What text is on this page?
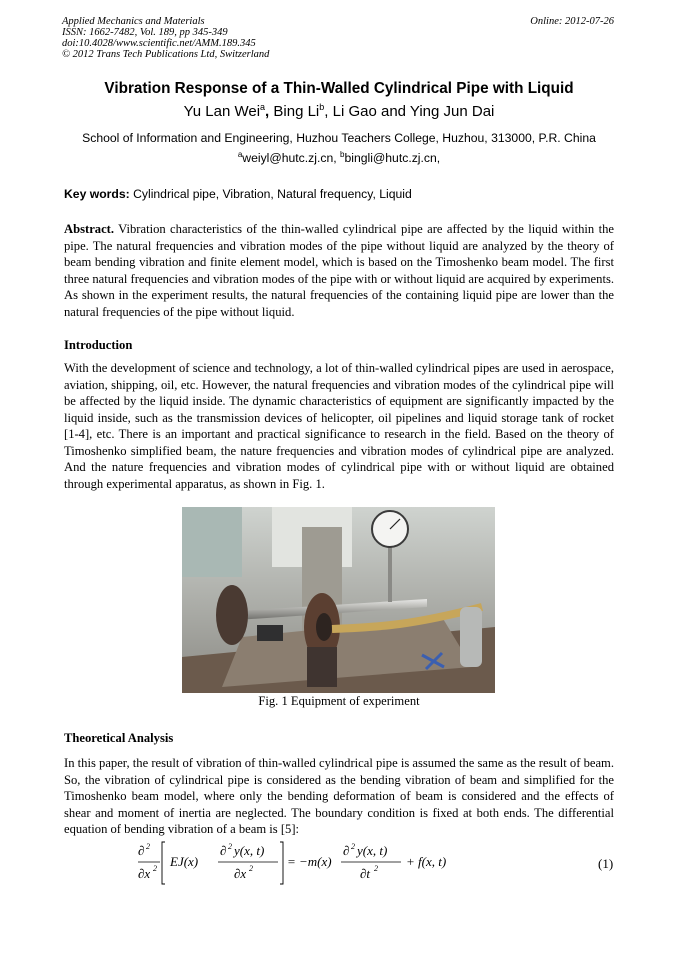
Applied Mechanics and Materials
ISSN: 1662-7482, Vol. 189, pp 345-349
doi:10.4028/www.scientific.net/AMM.189.345
© 2012 Trans Tech Publications Ltd, Switzerland
Online: 2012-07-26
Vibration Response of a Thin-Walled Cylindrical Pipe with Liquid
Yu Lan Wei$^a$, Bing Li$^b$, Li Gao and Ying Jun Dai
School of Information and Engineering, Huzhou Teachers College, Huzhou, 313000, P.R. China
$^a$weiyl@hutc.zj.cn, $^b$bingli@hutc.zj.cn,
Key words: Cylindrical pipe, Vibration, Natural frequency, Liquid
Abstract. Vibration characteristics of the thin-walled cylindrical pipe are affected by the liquid within the pipe. The natural frequencies and vibration modes of the pipe without liquid are analyzed by the theory of beam bending vibration and finite element model, which is based on the Timoshenko beam model. The first three natural frequencies and vibration modes of the pipe with or without liquid are acquired by experiments. As shown in the experiment results, the natural frequencies of the containing liquid pipe are lower than the natural frequencies of the pipe without liquid.
Introduction
With the development of science and technology, a lot of thin-walled cylindrical pipes are used in aerospace, aviation, shipping, oil, etc. However, the natural frequencies and vibration modes of the cylindrical pipe will be affected by the liquid inside. The dynamic characteristics of equipment are significantly impacted by the liquid inside, such as the transmission devices of helicopter, oil pipelines and liquid storage tank of rocket [1-4], etc. There is an important and practical significance to research in the field. Based on the theory of Timoshenko simplified beam, the nature frequencies and vibration modes of cylindrical pipe are analyzed. And the nature frequencies and vibration modes of cylindrical pipe with or without liquid are obtained through experimental apparatus, as shown in Fig. 1.
Fig. 1 Equipment of experiment
Theoretical Analysis
In this paper, the result of vibration of thin-walled cylindrical pipe is assumed the same as the result of beam. So, the vibration of cylindrical pipe is considered as the bending vibration of beam and simplified for the Timoshenko beam model, where only the bending deformation of beam is considered and the effects of shear and moment of inertia are neglected. The boundary condition is fixed at both ends. The differential equation of bending vibration of a beam is [5]:
∂ 2
∂x 2 EJ(x)
∂ 2 y(x, t)
∂x 2	= −m(x)
∂ 2 y(x, t)
∂t 2 + f(x, t)	(1)
